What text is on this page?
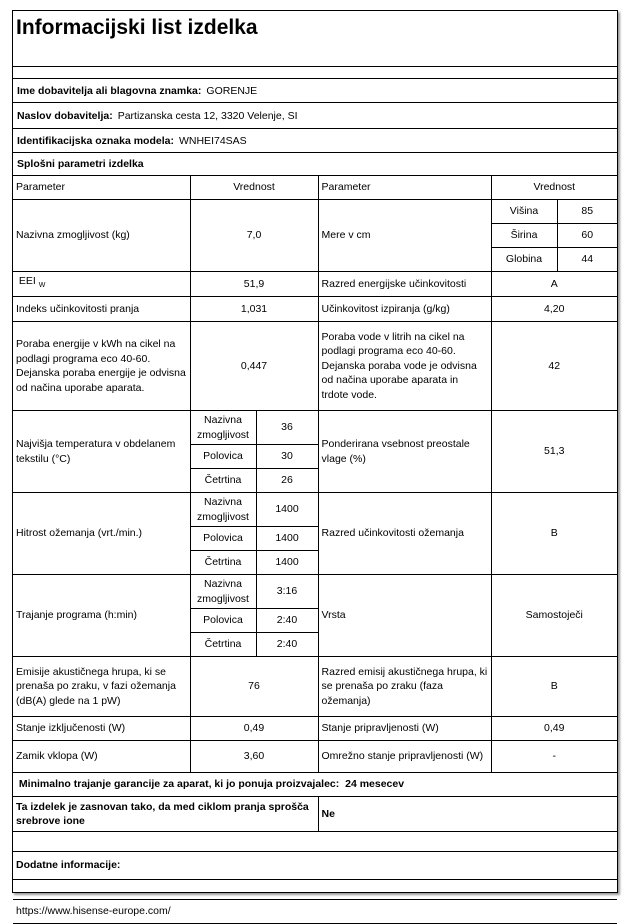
Informacijski list izdelka
Ime dobavitelja ali blagovna znamka: GORENJE
Naslov dobavitelja: Partizanska cesta 12, 3320 Velenje, SI
Identifikacijska oznaka modela: WNHEI74SAS
Splošni parametri izdelka
Parameter	Vrednost		Parameter	Vrednost	
Nazivna zmogljivost (kg)	7,0		Mere v cm	Višina	85
				Širina	60
				Globina	44
EEI $_W$	51,9		Razred energijske učinkovitosti	A	
Indeks učinkovitosti pranja	1,031		Učinkovitost izpiranja (g/kg)	4,20	
Poraba energije v kWh na cikel na podlagi programa eco 40-60. Dejanska poraba energije je odvisna od načina uporabe aparata.	0,447		Poraba vode v litrih na cikel na podlagi programa eco 40-60. Dejanska poraba vode je odvisna od načina uporabe aparata in trdote vode.	42	
Najvišja temperatura v obdelanem tekstilu (°C)	Nazivna zmogljivost	36	Ponderirana vsebnost preostale vlage (%)	51,3	
	Polovica	30			
	Četrtina	26			
Hitrost ožemanja (vrt./min.)	Nazivna zmogljivost	1400	Razred učinkovitosti ožemanja	B	
	Polovica	1400			
	Četrtina	1400			
Trajanje programa (h:min)	Nazivna zmogljivost	3:16	Vrsta	Samostoječi	
	Polovica	2:40			
	Četrtina	2:40			
Emisije akustičnega hrupa, ki se prenaša po zraku, v fazi ožemanja (dB(A) glede na 1 pW)	76		Razred emisij akustičnega hrupa, ki se prenaša po zraku (faza ožemanja)	B	
Stanje izključenosti (W)	0,49		Stanje pripravljenosti (W)	0,49	
Zamik vklopa (W)	3,60		Omrežno stanje pripravljenosti (W)	-	
Minimalno trajanje garancije za aparat, ki jo ponuja proizvajalec: 24 mesecev					
Ta izdelek je zasnovan tako, da med ciklom pranja sprošča srebrove ione			Ne		

Dodatne informacije:					

https://www.hisense-europe.com/					
